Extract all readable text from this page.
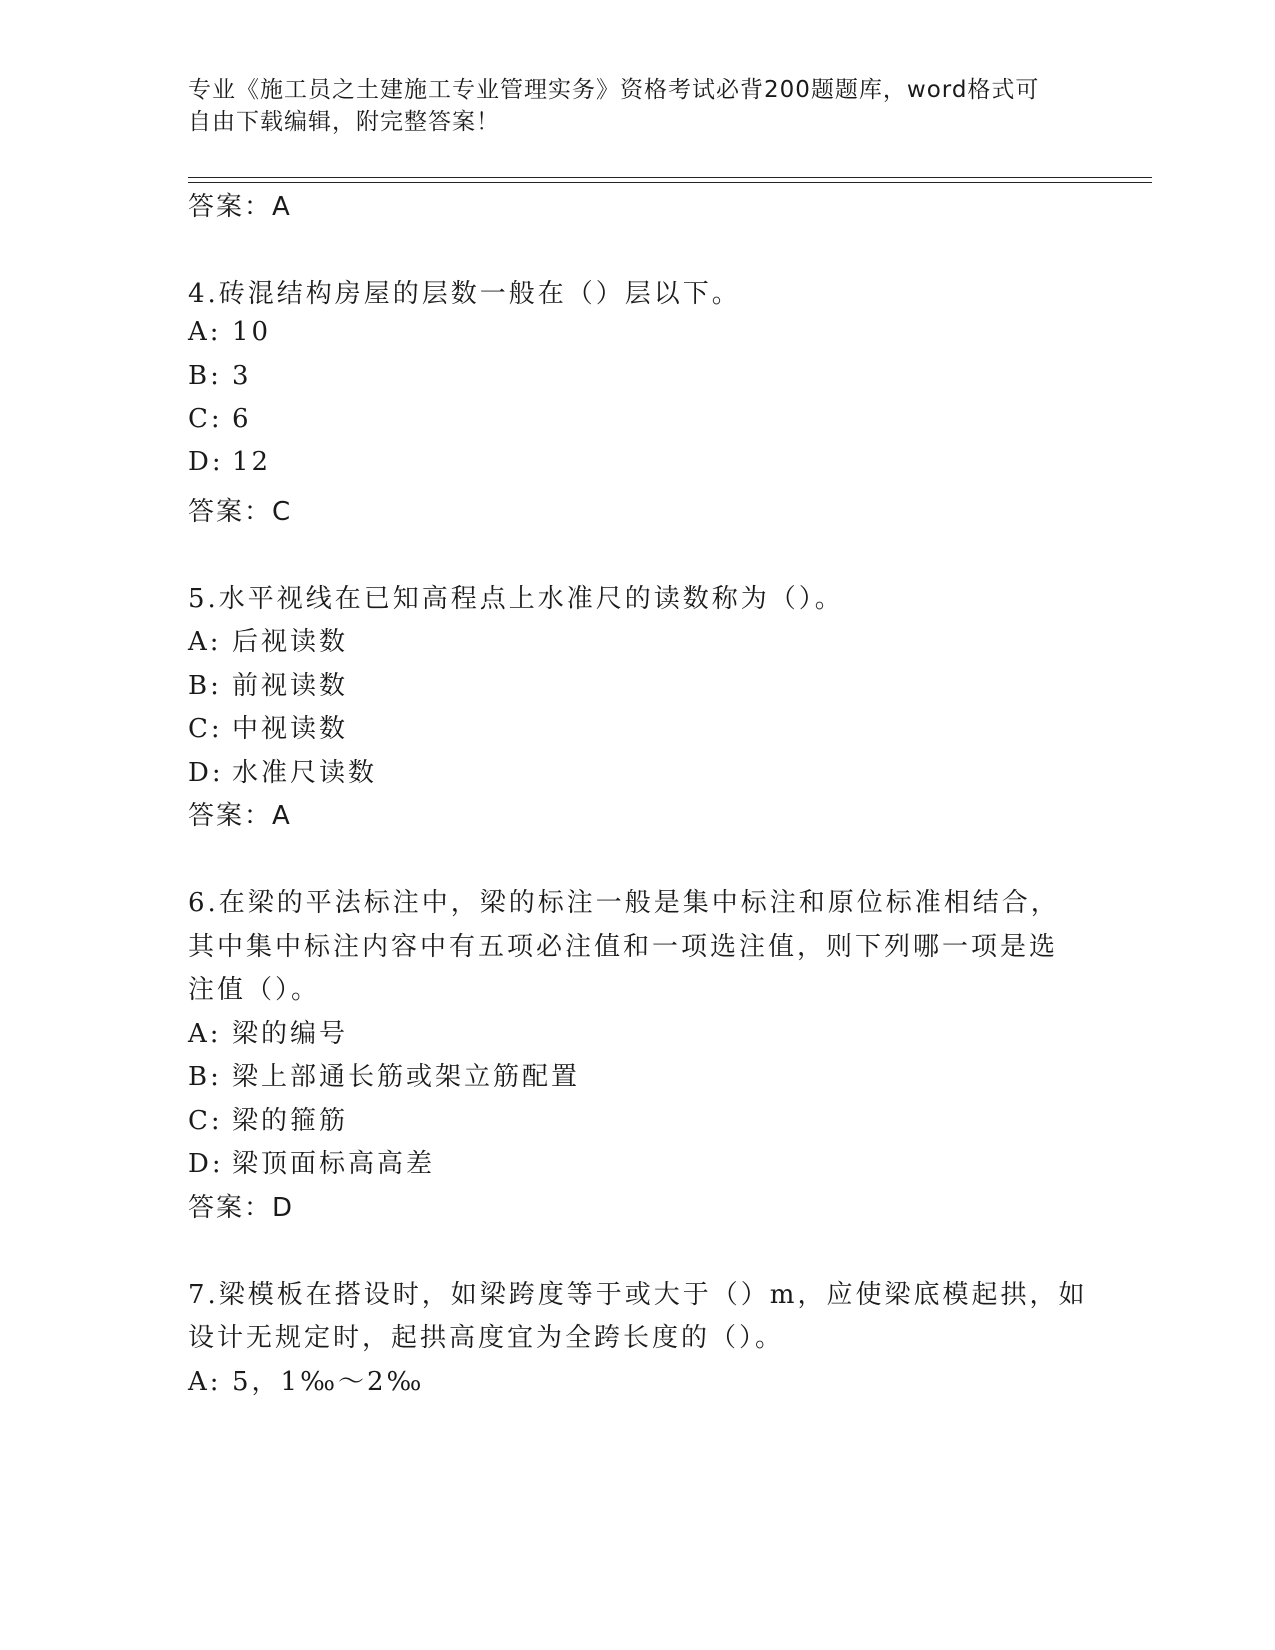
专业《施工员之土建施工专业管理实务》资格考试必背200题题库，word格式可
自由下载编辑，附完整答案！
答案：A
4.砖混结构房屋的层数一般在（）层以下。
A: 10
B: 3
C: 6
D: 12
答案：C
5.水平视线在已知高程点上水准尺的读数称为（）。
A: 后视读数
B: 前视读数
C: 中视读数
D: 水准尺读数
答案：A
6.在梁的平法标注中，梁的标注一般是集中标注和原位标准相结合，
其中集中标注内容中有五项必注值和一项选注值，则下列哪一项是选
注值（）。
A: 梁的编号
B: 梁上部通长筋或架立筋配置
C: 梁的箍筋
D: 梁顶面标高高差
答案：D
7.梁模板在搭设时，如梁跨度等于或大于（）m，应使梁底模起拱，如
设计无规定时，起拱高度宜为全跨长度的（）。
A: 5，1‰～2‰
